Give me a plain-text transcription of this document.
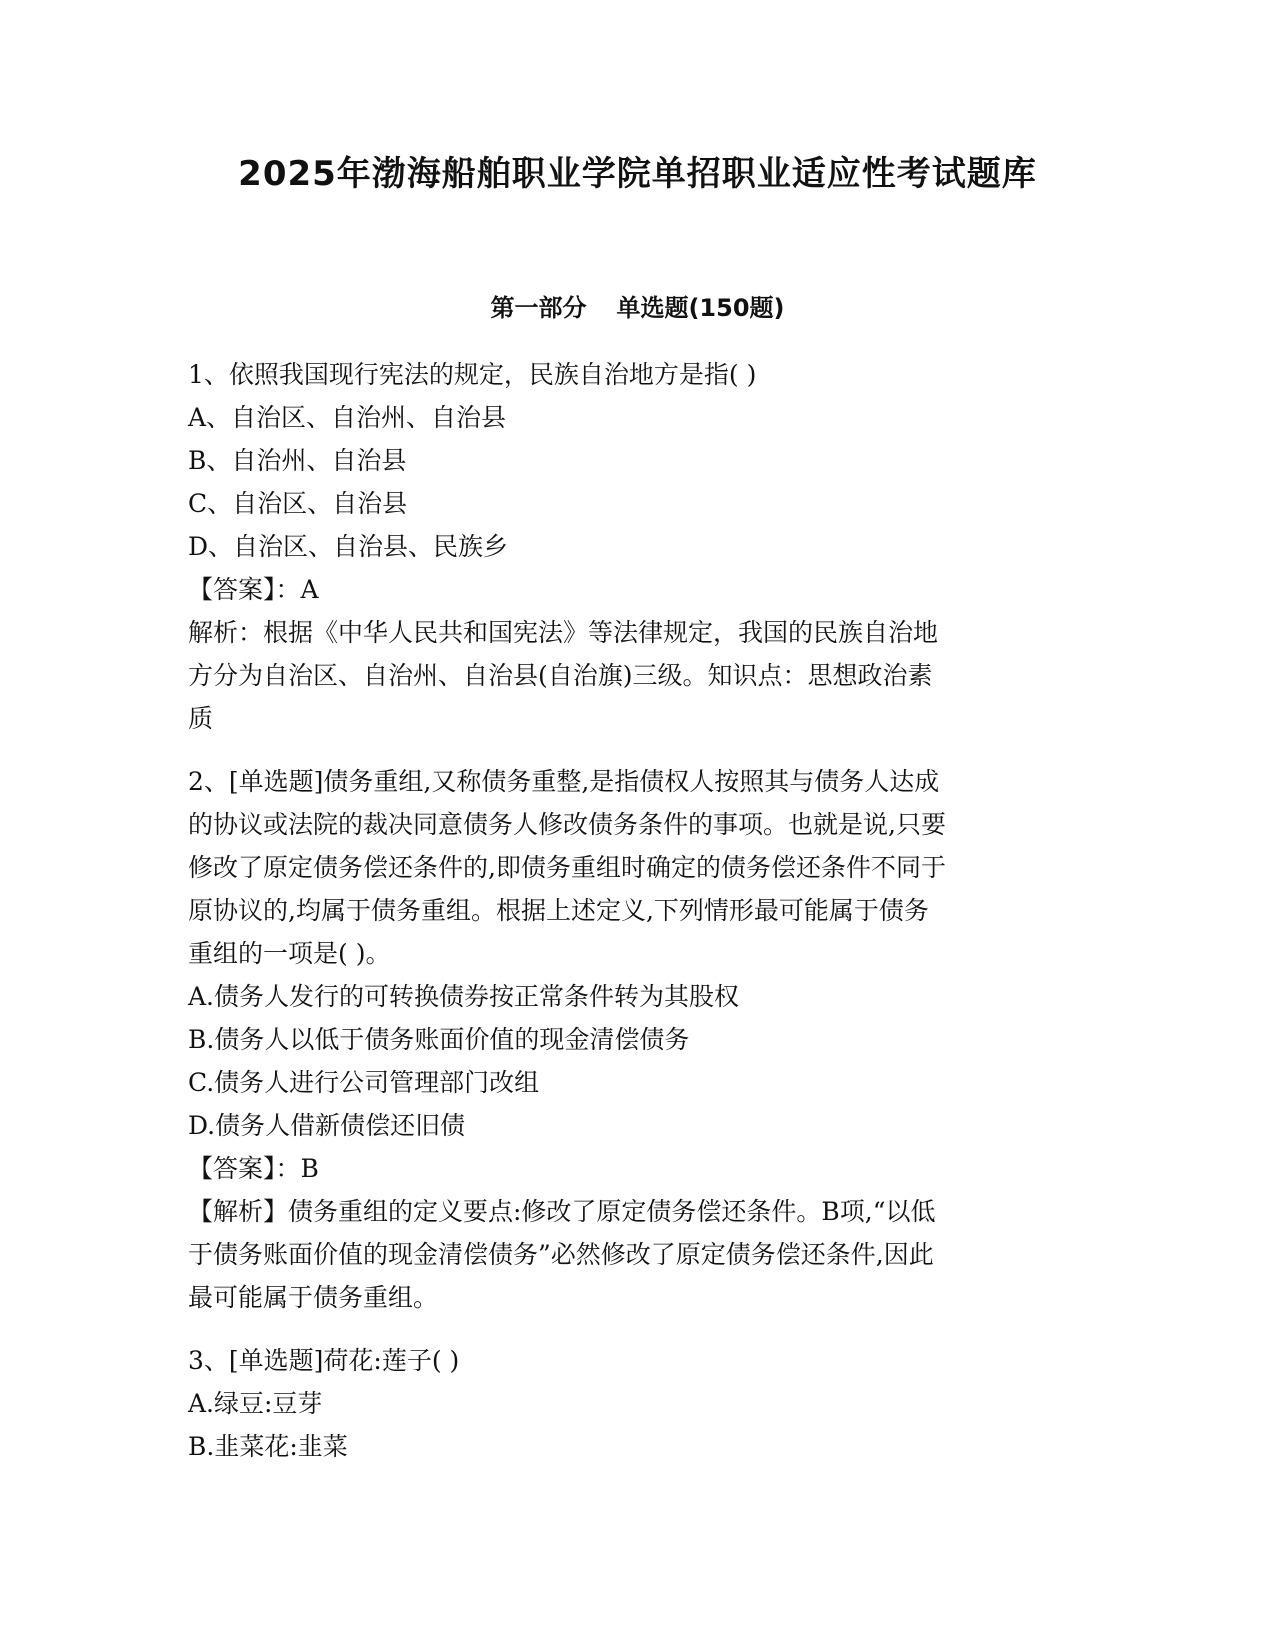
2025年渤海船舶职业学院单招职业适应性考试题库
第一部分 单选题(150题)
1、依照我国现行宪法的规定，民族自治地方是指( )
A、自治区、自治州、自治县
B、自治州、自治县
C、自治区、自治县
D、自治区、自治县、民族乡
【答案】：A
解析：根据《中华人民共和国宪法》等法律规定，我国的民族自治地
方分为自治区、自治州、自治县(自治旗)三级。知识点：思想政治素
质
2、[单选题]债务重组,又称债务重整,是指债权人按照其与债务人达成
的协议或法院的裁决同意债务人修改债务条件的事项。也就是说,只要
修改了原定债务偿还条件的,即债务重组时确定的债务偿还条件不同于
原协议的,均属于债务重组。根据上述定义,下列情形最可能属于债务
重组的一项是( )。
A.债务人发行的可转换债券按正常条件转为其股权
B.债务人以低于债务账面价值的现金清偿债务
C.债务人进行公司管理部门改组
D.债务人借新债偿还旧债
【答案】：B
【解析】债务重组的定义要点:修改了原定债务偿还条件。B项,“以低
于债务账面价值的现金清偿债务”必然修改了原定债务偿还条件,因此
最可能属于债务重组。
3、[单选题]荷花:莲子( )
A.绿豆:豆芽
B.韭菜花:韭菜
